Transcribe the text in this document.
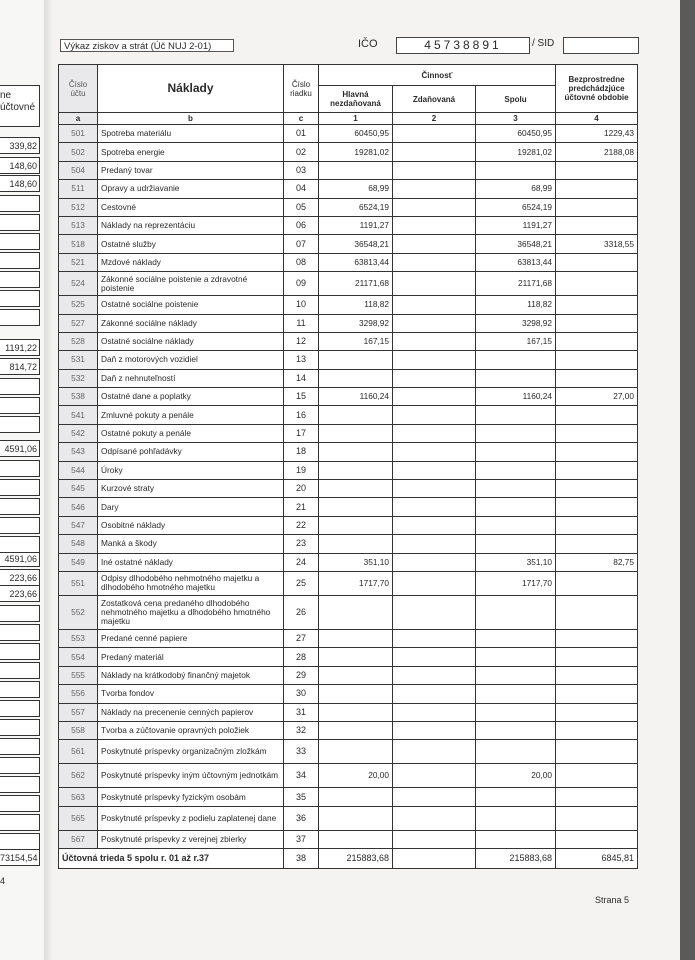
ne
účtovné
339,82
148,60
148,60
1191,22
814,72
4591,06
4591,06
223,66
223,66
73154,54
4
Výkaz ziskov a strát (Úč NUJ 2-01)	IČO	45738891	/ SID
Číslo účtu	Náklady	Číslo riadku	Činnosť			Bezprostredne predchádzjúce účtovné obdobie
			Hlavná nezdaňovaná	Zdaňovaná	Spolu	
a	b	c	1	2	3	4
501	Spotreba materiálu	01	60450,95		60450,95	1229,43
502	Spotreba energie	02	19281,02		19281,02	2188,08
504	Predaný tovar	03				
511	Opravy a udržiavanie	04	68,99		68,99	
512	Cestovné	05	6524,19		6524,19	
513	Náklady na reprezentáciu	06	1191,27		1191,27	
518	Ostatné služby	07	36548,21		36548,21	3318,55
521	Mzdové náklady	08	63813,44		63813,44	
524	Zákonné sociálne poistenie a zdravotné poistenie	09	21171,68		21171,68	
525	Ostatné sociálne poistenie	10	118,82		118,82	
527	Zákonné sociálne náklady	11	3298,92		3298,92	
528	Ostatné sociálne náklady	12	167,15		167,15	
531	Daň z motorových vozidiel	13				
532	Daň z nehnuteľností	14				
538	Ostatné dane a poplatky	15	1160,24		1160,24	27,00
541	Zmluvné pokuty a penále	16				
542	Ostatné pokuty a penále	17				
543	Odpísané pohľadávky	18				
544	Úroky	19				
545	Kurzové straty	20				
546	Dary	21				
547	Osobitné náklady	22				
548	Manká a škody	23				
549	Iné ostatné náklady	24	351,10		351,10	82,75
551	Odpisy dlhodobého nehmotného majetku a dlhodobého hmotného majetku	25	1717,70		1717,70	
552	Zostatková cena predaného dlhodobého nehmotného majetku a dlhodobého hmotného majetku	26				
553	Predané cenné papiere	27				
554	Predaný materiál	28				
555	Náklady na krátkodobý finančný majetok	29				
556	Tvorba fondov	30				
557	Náklady na precenenie cenných papierov	31				
558	Tvorba a zúčtovanie opravných položiek	32				
561	Poskytnuté príspevky organizačným zložkám	33				
562	Poskytnuté príspevky iným účtovným jednotkám	34	20,00		20,00	
563	Poskytnuté príspevky fyzickým osobám	35				
565	Poskytnuté príspevky z podielu zaplatenej dane	36				
567	Poskytnuté príspevky z verejnej zbierky	37				
Účtovná trieda 5 spolu r. 01 až r.37		38	215883,68		215883,68	6845,81
Strana 5
